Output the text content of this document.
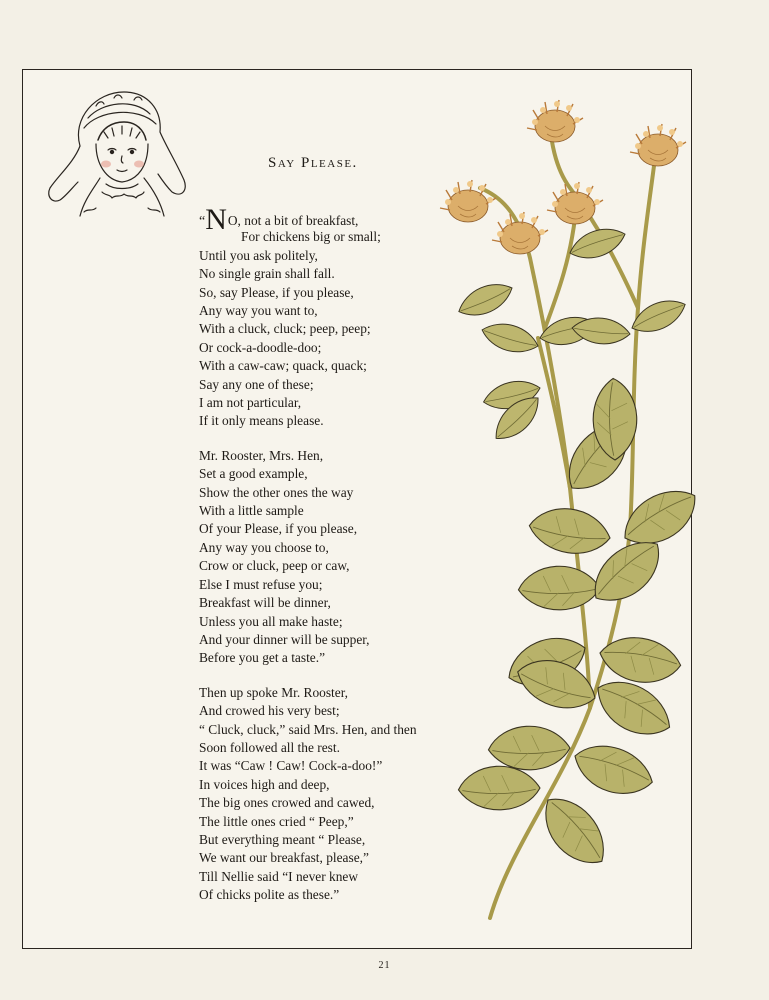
Say Please.
“NO, not a bit of breakfast,
For chickens big or small;
Until you ask politely,
No single grain shall fall.
So, say Please, if you please,
Any way you want to,
With a cluck, cluck; peep, peep;
Or cock-a-doodle-doo;
With a caw-caw; quack, quack;
Say any one of these;
I am not particular,
If it only means please.
Mr. Rooster, Mrs. Hen,
Set a good example,
Show the other ones the way
With a little sample
Of your Please, if you please,
Any way you choose to,
Crow or cluck, peep or caw,
Else I must refuse you;
Breakfast will be dinner,
Unless you all make haste;
And your dinner will be supper,
Before you get a taste.”
Then up spoke Mr. Rooster,
And crowed his very best;
“ Cluck, cluck,” said Mrs. Hen, and then
Soon followed all the rest.
It was “Caw ! Caw! Cock-a-doo!”
In voices high and deep,
The big ones crowed and cawed,
The little ones cried “ Peep,”
But everything meant “ Please,
We want our breakfast, please,”
Till Nellie said “I never knew
Of chicks polite as these.”
21
